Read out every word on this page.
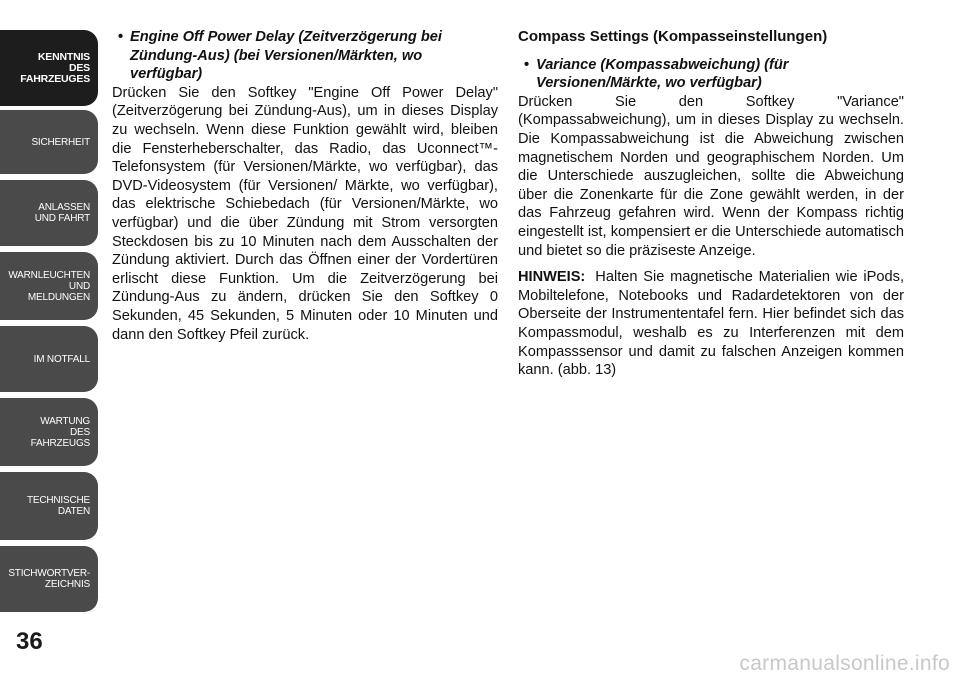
KENNTNIS
DES
FAHRZEUGES
SICHERHEIT
ANLASSEN
UND FAHRT
WARNLEUCHTEN
UND
MELDUNGEN
IM NOTFALL
WARTUNG
DES
FAHRZEUGS
TECHNISCHE
DATEN
STICHWORTVER-
ZEICHNIS
36

• Engine Off Power Delay (Zeitverzögerung bei Zündung-Aus) (bei Versionen/Märkten, wo verfügbar)

Drücken Sie den Softkey "Engine Off Power Delay" (Zeitverzögerung bei Zündung-Aus), um in dieses Display zu wechseln. Wenn diese Funktion gewählt wird, bleiben die Fensterheberschalter, das Radio, das Uconnect™-Telefonsystem (für Versionen/Märkte, wo verfügbar), das DVD-Videosystem (für Versionen/ Märkte, wo verfügbar), das elektrische Schiebedach (für Versionen/Märkte, wo verfügbar) und die über Zündung mit Strom versorgten Steckdosen bis zu 10 Minuten nach dem Ausschalten der Zündung aktiviert. Durch das Öffnen einer der Vordertüren erlischt diese Funktion. Um die Zeitverzögerung bei Zündung-Aus zu ändern, drücken Sie den Softkey 0 Sekunden, 45 Sekunden, 5 Minuten oder 10 Minuten und dann den Softkey Pfeil zurück.

Compass Settings (Kompasseinstellungen)

• Variance (Kompassabweichung) (für Versionen/Märkte, wo verfügbar)

Drücken Sie den Softkey "Variance" (Kompassabweichung), um in dieses Display zu wechseln. Die Kompassabweichung ist die Abweichung zwischen magnetischem Norden und geographischem Norden. Um die Unterschiede auszugleichen, sollte die Abweichung über die Zonenkarte für die Zone gewählt werden, in der das Fahrzeug gefahren wird. Wenn der Kompass richtig eingestellt ist, kompensiert er die Unterschiede automatisch und bietet so die präziseste Anzeige.

HINWEIS: Halten Sie magnetische Materialien wie iPods, Mobiltelefone, Notebooks und Radardetektoren von der Oberseite der Instrumententafel fern. Hier befindet sich das Kompassmodul, weshalb es zu Interferenzen mit dem Kompasssensor und damit zu falschen Anzeigen kommen kann. (abb. 13)

carmanualsonline.info
